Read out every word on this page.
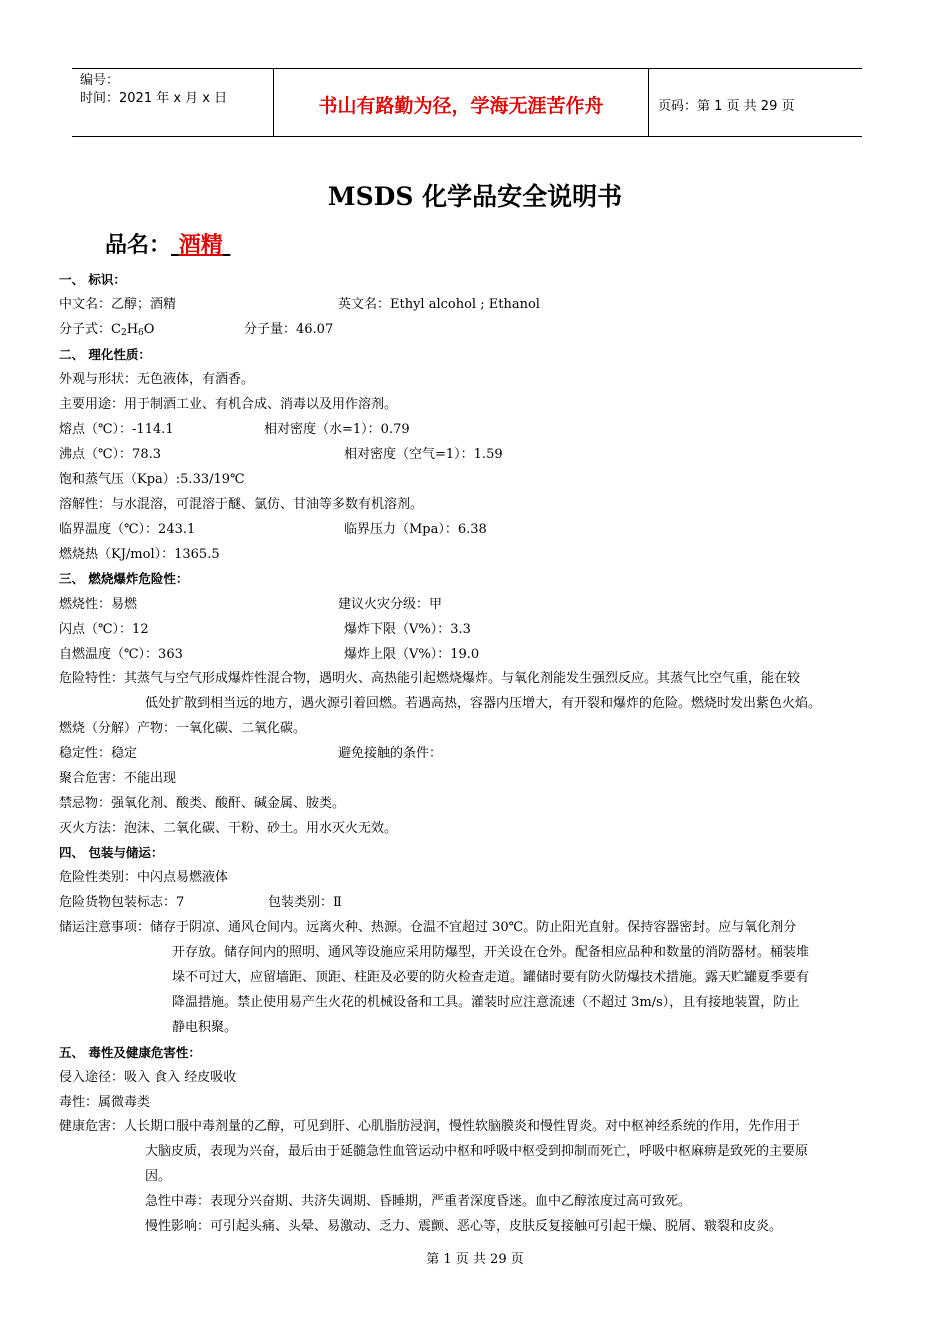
编号：
时间：2021 年 x 月 x 日	书山有路勤为径，学海无涯苦作舟	页码：第 1 页 共 29 页
MSDS 化学品安全说明书
品名： 酒精
一、 标识：
中文名：乙醇；酒精	英文名：Ethyl alcohol ; Ethanol
分子式：$C_2H_6O$	分子量：46.07
二、 理化性质：
外观与形状：无色液体，有酒香。
主要用途：用于制酒工业、有机合成、消毒以及用作溶剂。
熔点（℃）：-114.1	相对密度（水=1）：0.79
沸点（℃）：78.3	相对密度（空气=1）：1.59
饱和蒸气压（Kpa）:5.33/19℃
溶解性：与水混溶，可混溶于醚、氯仿、甘油等多数有机溶剂。
临界温度（℃）：243.1	临界压力（Mpa）：6.38
燃烧热（KJ/mol）：1365.5
三、 燃烧爆炸危险性：
燃烧性：易燃	建议火灾分级：甲
闪点（℃）：12	爆炸下限（V%）：3.3
自燃温度（℃）：363	爆炸上限（V%）：19.0
危险特性：其蒸气与空气形成爆炸性混合物，遇明火、高热能引起燃烧爆炸。与氧化剂能发生强烈反应。其蒸气比空气重，能在较
低处扩散到相当远的地方，遇火源引着回燃。若遇高热，容器内压增大，有开裂和爆炸的危险。燃烧时发出紫色火焰。
燃烧（分解）产物：一氧化碳、二氧化碳。
稳定性：稳定	避免接触的条件：
聚合危害：不能出现
禁忌物：强氧化剂、酸类、酸酐、碱金属、胺类。
灭火方法：泡沫、二氧化碳、干粉、砂土。用水灭火无效。
四、 包装与储运：
危险性类别：中闪点易燃液体
危险货物包装标志：7	包装类别：Ⅱ
储运注意事项：储存于阴凉、通风仓间内。远离火种、热源。仓温不宜超过 30℃。防止阳光直射。保持容器密封。应与氧化剂分
开存放。储存间内的照明、通风等设施应采用防爆型，开关设在仓外。配备相应品种和数量的消防器材。桶装堆
垛不可过大，应留墙距、顶距、柱距及必要的防火检查走道。罐储时要有防火防爆技术措施。露天贮罐夏季要有
降温措施。禁止使用易产生火花的机械设备和工具。灌装时应注意流速（不超过 3m/s），且有接地装置，防止
静电积聚。
五、 毒性及健康危害性：
侵入途径：吸入 食入 经皮吸收
毒性：属微毒类
健康危害：人长期口服中毒剂量的乙醇，可见到肝、心肌脂肪浸润，慢性软脑膜炎和慢性胃炎。对中枢神经系统的作用，先作用于
大脑皮质，表现为兴奋，最后由于延髓急性血管运动中枢和呼吸中枢受到抑制而死亡，呼吸中枢麻痹是致死的主要原
因。
急性中毒：表现分兴奋期、共济失调期、昏睡期，严重者深度昏迷。血中乙醇浓度过高可致死。
慢性影响：可引起头痛、头晕、易激动、乏力、震颤、恶心等，皮肤反复接触可引起干燥、脱屑、皲裂和皮炎。
第 1 页 共 29 页
